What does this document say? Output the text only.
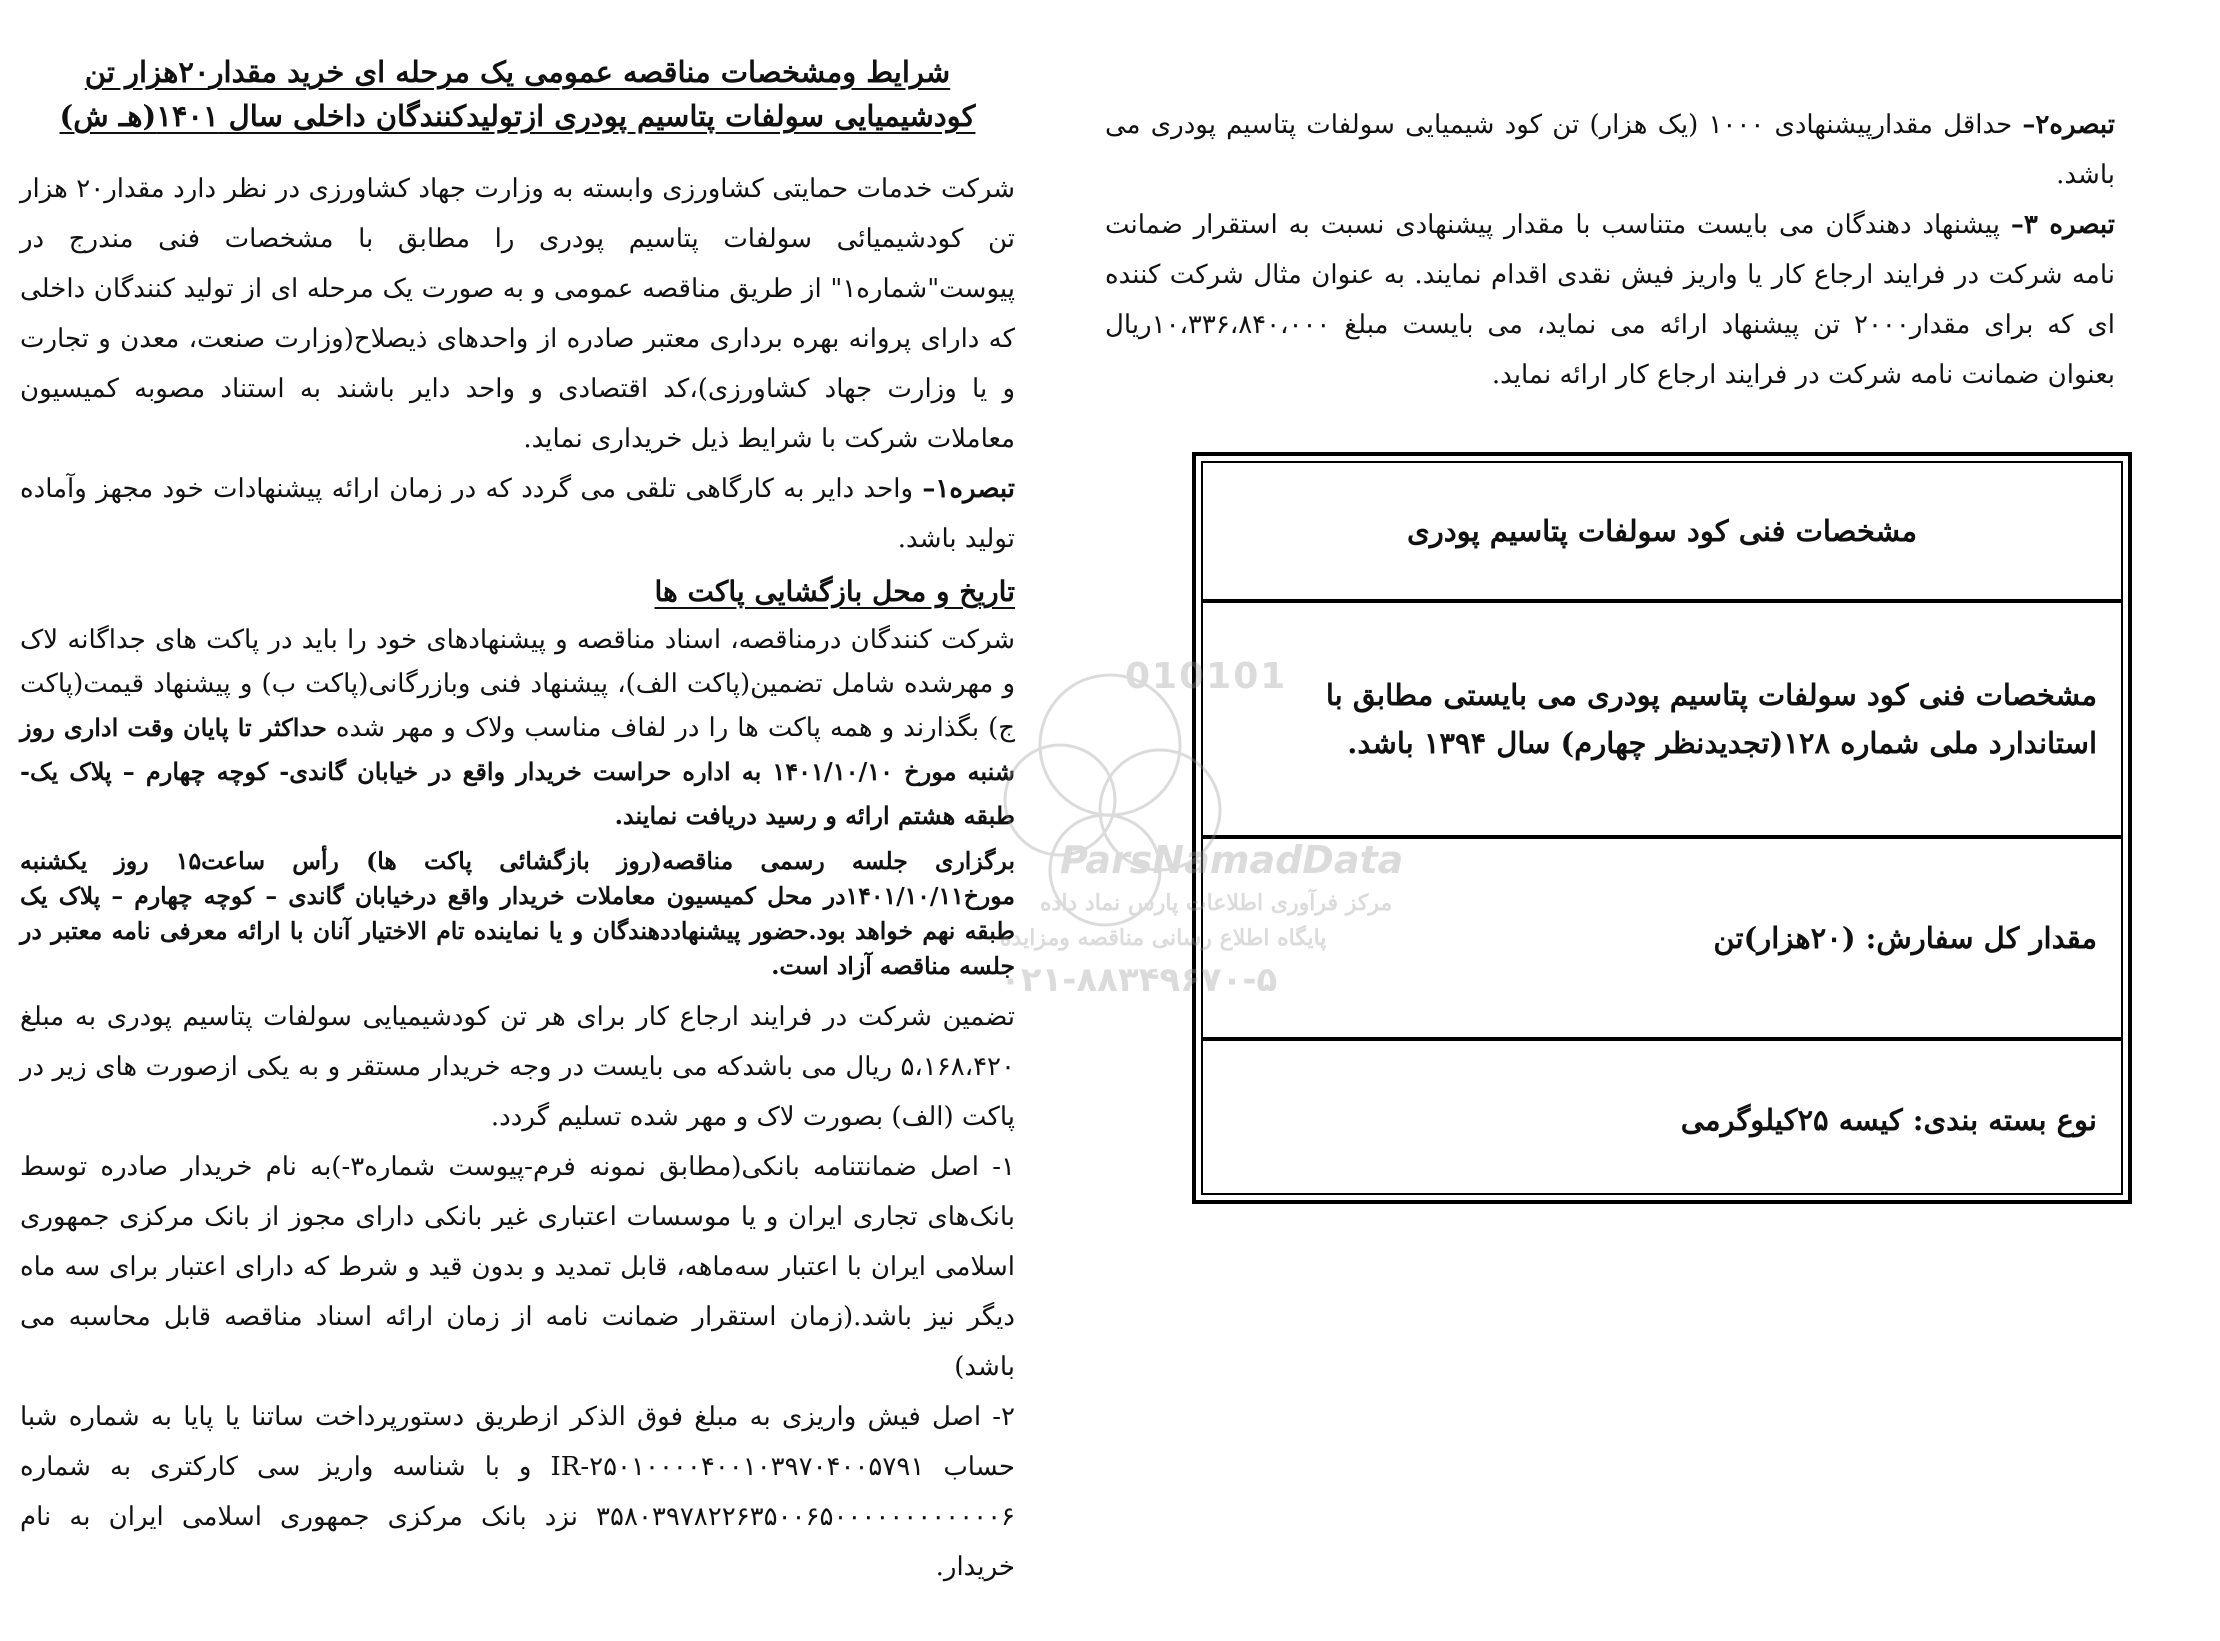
شرایط ومشخصات مناقصه عمومی یک مرحله ای خرید مقدار۲۰هزار تن
کودشیمیایی سولفات پتاسیم پودری ازتولیدکنندگان داخلی سال ۱۴۰۱(هـ ش)

شرکت خدمات حمایتی کشاورزی وابسته به وزارت جهاد کشاورزی در نظر دارد مقدار۲۰ هزار تن کودشیمیائی سولفات پتاسیم پودری را مطابق با مشخصات فنی مندرج در پیوست"شماره۱" از طریق مناقصه عمومی و به صورت یک مرحله ای از تولید کنندگان داخلی که دارای پروانه بهره برداری معتبر صادره از واحدهای ذیصلاح(وزارت صنعت، معدن و تجارت و یا وزارت جهاد کشاورزی)،کد اقتصادی و واحد دایر باشند به استناد مصوبه کمیسیون معاملات شرکت با شرایط ذیل خریداری نماید.

تبصره۱– واحد دایر به کارگاهی تلقی می گردد که در زمان ارائه پیشنهادات خود مجهز وآماده تولید باشد.

تاریخ و محل بازگشایی پاکت ها

شرکت کنندگان درمناقصه، اسناد مناقصه و پیشنهادهای خود را باید در پاکت های جداگانه لاک و مهرشده شامل تضمین(پاکت الف)، پیشنهاد فنی وبازرگانی(پاکت ب) و پیشنهاد قیمت(پاکت ج) بگذارند و همه پاکت ها را در لفاف مناسب ولاک و مهر شده حداکثر تا پایان وقت اداری روز شنبه مورخ ۱۴۰۱/۱۰/۱۰ به اداره حراست خریدار واقع در خیابان گاندی- کوچه چهارم – پلاک یک- طبقه هشتم ارائه و رسید دریافت نمایند.

برگزاری جلسه رسمی مناقصه(روز بازگشائی پاکت ها) رأس ساعت۱۵ روز یکشنبه مورخ۱۴۰۱/۱۰/۱۱در محل کمیسیون معاملات خریدار واقع درخیابان گاندی – کوچه چهارم – پلاک یک طبقه نهم خواهد بود.حضور پیشنهاددهندگان و یا نماینده تام الاختیار آنان با ارائه معرفی نامه معتبر در جلسه مناقصه آزاد است.

تضمین شرکت در فرایند ارجاع کار برای هر تن کودشیمیایی سولفات پتاسیم پودری به مبلغ ۵،۱۶۸،۴۲۰ ریال می باشدکه می بایست در وجه خریدار مستقر و به یکی ازصورت های زیر در پاکت (الف) بصورت لاک و مهر شده تسلیم گردد.

۱- اصل ضمانتنامه بانکی(مطابق نمونه فرم-پیوست شماره۳-)به نام خریدار صادره توسط بانک‌های تجاری ایران و یا موسسات اعتباری غیر بانکی دارای مجوز از بانک مرکزی جمهوری اسلامی ایران با اعتبار سه‌ماهه، قابل تمدید و بدون قید و شرط که دارای اعتبار برای سه ماه دیگر نیز باشد.(زمان استقرار ضمانت نامه از زمان ارائه اسناد مناقصه قابل محاسبه می باشد)

۲- اصل فیش واریزی به مبلغ فوق الذکر ازطریق دستورپرداخت ساتنا یا پایا به شماره شبا حساب IR-۲۵۰۱۰۰۰۰۴۰۰۱۰۳۹۷۰۴۰۰۵۷۹۱ و با شناسه واریز سی کارکتری به شماره ۳۵۸۰۳۹۷۸۲۲۶۳۵۰۰۶۵۰۰۰۰۰۰۰۰۰۰۰۰۶ نزد بانک مرکزی جمهوری اسلامی ایران به نام خریدار.

تبصره۲– حداقل مقدارپیشنهادی ۱۰۰۰ (یک هزار) تن کود شیمیایی سولفات پتاسیم پودری می باشد.

تبصره ۳– پیشنهاد دهندگان می بایست متناسب با مقدار پیشنهادی نسبت به استقرار ضمانت نامه شرکت در فرایند ارجاع کار یا واریز فیش نقدی اقدام نمایند. به عنوان مثال شرکت کننده ای که برای مقدار۲۰۰۰ تن پیشنهاد ارائه می نماید، می بایست مبلغ ۱۰،۳۳۶،۸۴۰،۰۰۰ریال بعنوان ضمانت نامه شرکت در فرایند ارجاع کار ارائه نماید.

مشخصات فنی کود سولفات پتاسیم پودری
مشخصات فنی کود سولفات پتاسیم پودری می بایستی مطابق با استاندارد ملی شماره ۱۲۸(تجدیدنظر چهارم) سال ۱۳۹۴ باشد.
مقدار کل سفارش: (۲۰هزار)تن
نوع بسته بندی: کیسه ۲۵کیلوگرمی
010101
ParsNamadData
مرکز فرآوری اطلاعات پارس نماد داده
پایگاه اطلاع رسانی مناقصه ومزایده
۰۲۱-۸۸۳۴۹۶۷۰-۵
